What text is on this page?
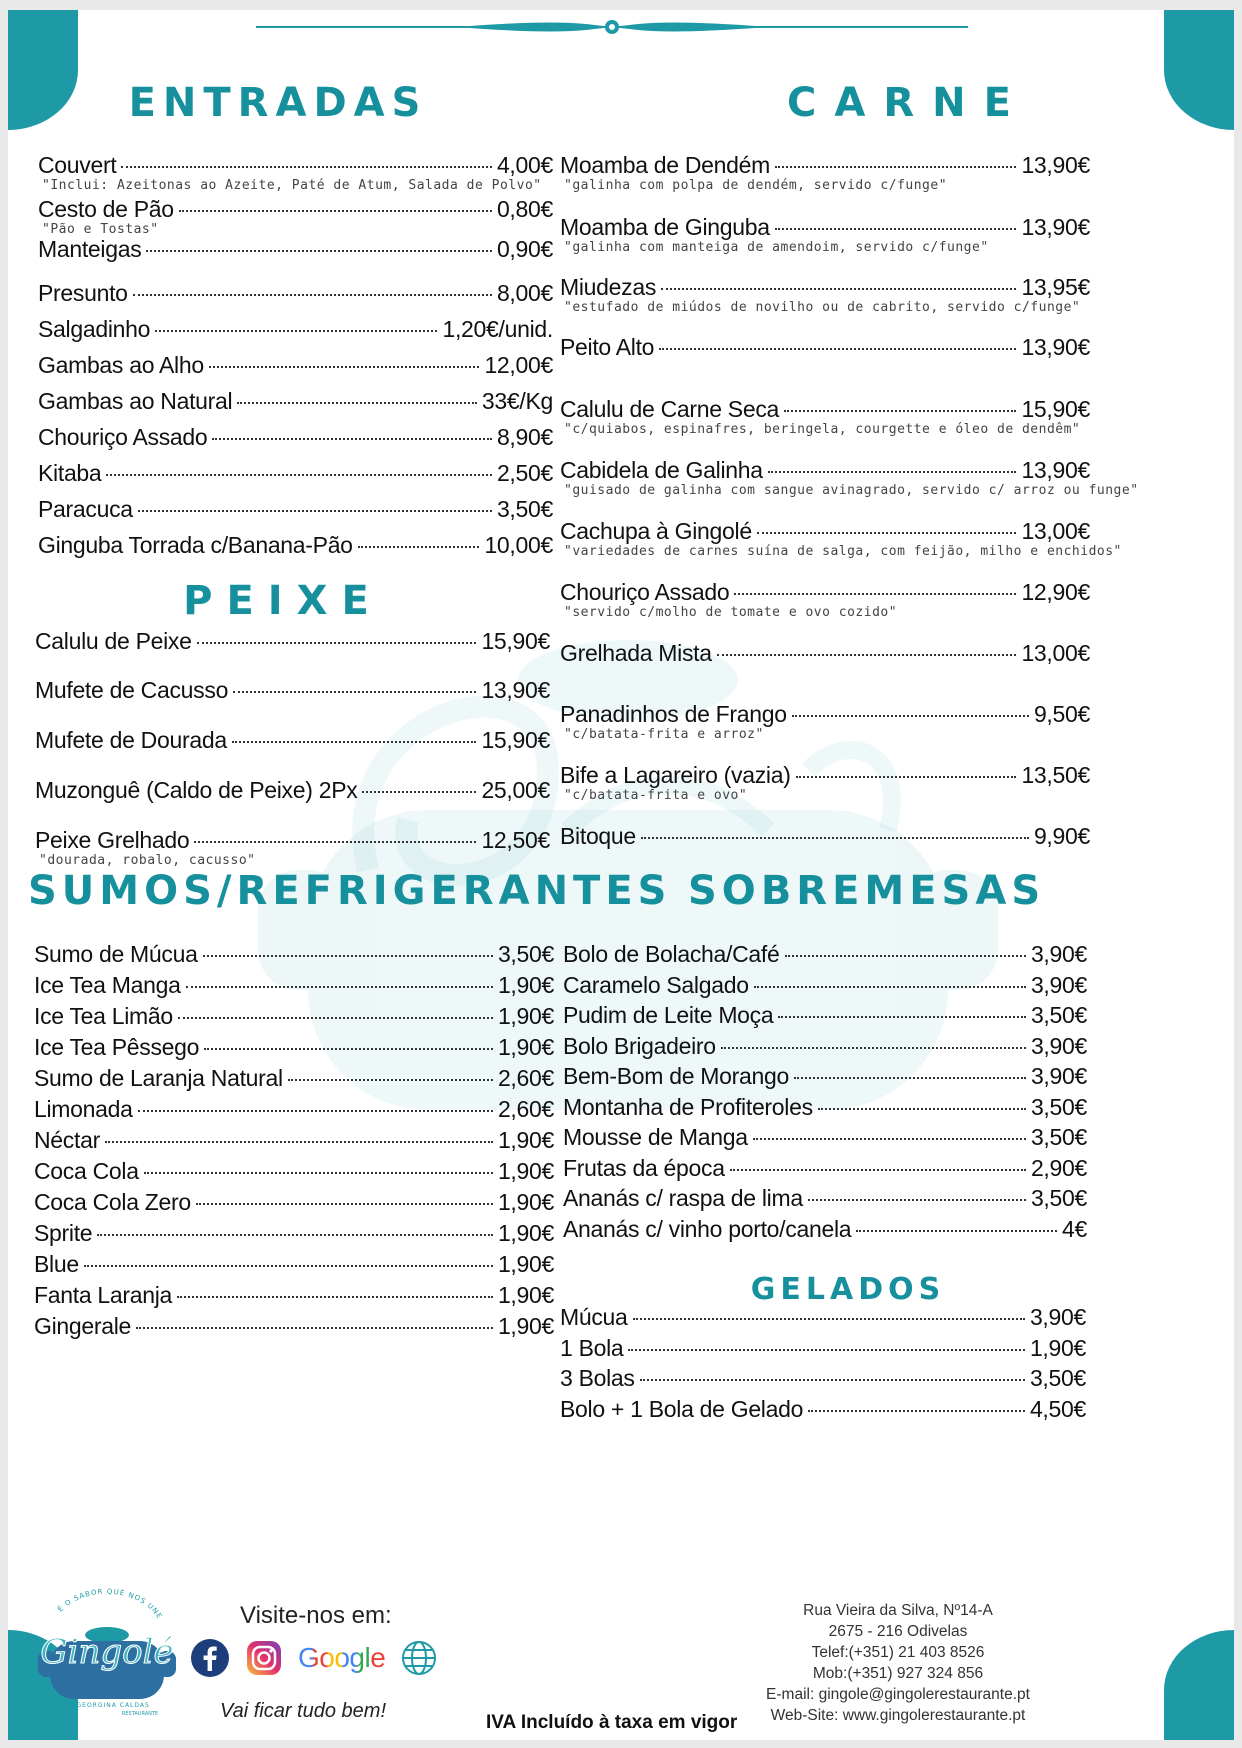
ENTRADAS
Couvert	4,00€
"Inclui: Azeitonas ao Azeite, Paté de Atum, Salada de Polvo"
Cesto de Pão	0,80€
"Pão e Tostas"
Manteigas	0,90€
Presunto	8,00€
Salgadinho	1,20€/unid.
Gambas ao Alho	12,00€
Gambas ao Natural	33€/Kg
Chouriço Assado	8,90€
Kitaba	2,50€
Paracuca	3,50€
Ginguba Torrada c/Banana-Pão	10,00€
PEIXE
Calulu de Peixe	15,90€
Mufete de Cacusso	13,90€
Mufete de Dourada	15,90€
Muzonguê (Caldo de Peixe) 2Px	25,00€
Peixe Grelhado	12,50€
"dourada, robalo, cacusso"
SUMOS/REFRIGERANTES
Sumo de Múcua	3,50€
Ice Tea Manga	1,90€
Ice Tea Limão	1,90€
Ice Tea Pêssego	1,90€
Sumo de Laranja Natural	2,60€
Limonada	2,60€
Néctar	1,90€
Coca Cola	1,90€
Coca Cola Zero	1,90€
Sprite	1,90€
Blue	1,90€
Fanta Laranja	1,90€
Gingerale	1,90€
CARNE
Moamba de Dendém	13,90€
"galinha com polpa de dendém, servido c/funge"
Moamba de Ginguba	13,90€
"galinha com manteiga de amendoim, servido c/funge"
Miudezas	13,95€
"estufado de miúdos de novilho ou de cabrito, servido c/funge"
Peito Alto	13,90€
Calulu de Carne Seca	15,90€
"c/quiabos, espinafres, beringela, courgette e óleo de dendêm"
Cabidela de Galinha	13,90€
"guisado de galinha com sangue avinagrado, servido c/ arroz ou funge"
Cachupa à Gingolé	13,00€
"variedades de carnes suína de salga, com feijão, milho e enchidos"
Chouriço Assado	12,90€
"servido c/molho de tomate e ovo cozido"
Grelhada Mista	13,00€
Panadinhos de Frango	9,50€
"c/batata-frita e arroz"
Bife a Lagareiro (vazia)	13,50€
"c/batata-frita e ovo"
Bitoque	9,90€
SOBREMESAS
Bolo de Bolacha/Café	3,90€
Caramelo Salgado	3,90€
Pudim de Leite Moça	3,50€
Bolo Brigadeiro	3,90€
Bem-Bom de Morango	3,90€
Montanha de Profiteroles	3,50€
Mousse de Manga	3,50€
Frutas da época	2,90€
Ananás c/ raspa de lima	3,50€
Ananás c/ vinho porto/canela	4€
GELADOS
Múcua	3,90€
1 Bola	1,90€
3 Bolas	3,50€
Bolo + 1 Bola de Gelado	4,50€
É O SABOR QUE NOS UNE
Gingolé
BY GEORGINA CALDAS
RESTAURANTE
Visite-nos em:
Google
Vai ficar tudo bem!
IVA Incluído à taxa em vigor
Rua Vieira da Silva, Nº14-A
2675 - 216 Odivelas
Telef:(+351) 21 403 8526
Mob:(+351) 927 324 856
E-mail: gingole@gingolerestaurante.pt
Web-Site: www.gingolerestaurante.pt
